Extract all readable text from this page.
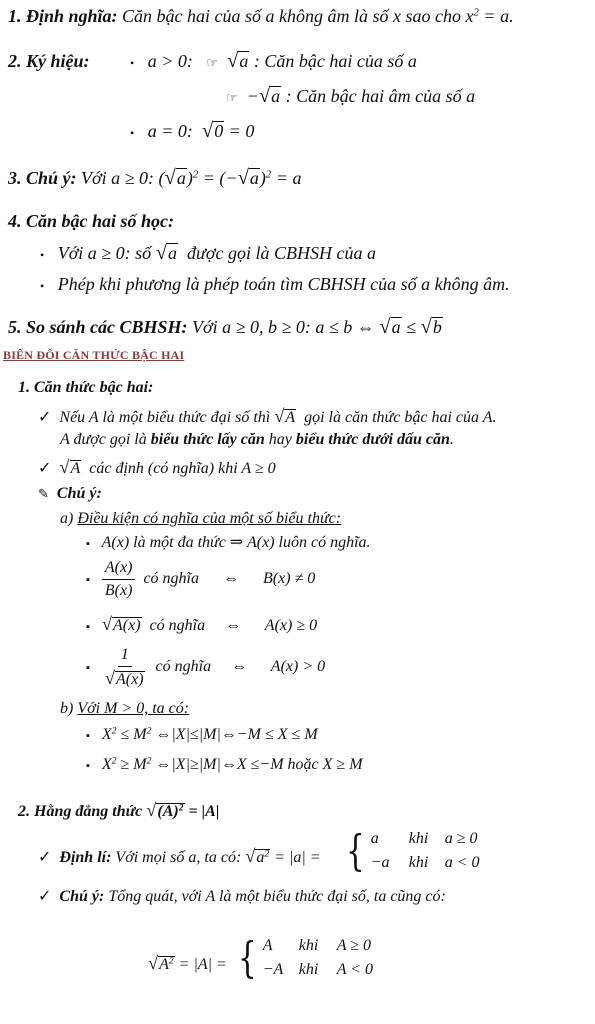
1. Định nghĩa: Căn bậc hai của số a không âm là số x sao cho $x^2 = a$.
2. Ký hiệu:	• a > 0: ☞ √a : Căn bậc hai của số a
☞ −√a : Căn bậc hai âm của số a
• a = 0: √0 = 0
3. Chú ý: Với a ≥ 0: $(√a)^2 = (-√a)^2 = a$
4. Căn bậc hai số học:
• Với a ≥ 0: số √a được gọi là CBHSH của a
• Phép khi phương là phép toán tìm CBHSH của số a không âm.
5. So sánh các CBHSH: Với a ≥ 0, b ≥ 0: a ≤ b ⇔ √a ≤ √b
BIẾN ĐỔI CĂN THỨC BẬC HAI
1. Căn thức bậc hai:
✓ Nếu A là một biểu thức đại số thì √A gọi là căn thức bậc hai của A.
A được gọi là biểu thức lấy căn hay biểu thức dưới dấu căn.
✓ √A các định (có nghĩa) khi A ≥ 0
✎ Chú ý:
a) Điều kiện có nghĩa của một số biểu thức:
▪ A(x) là một đa thức ⇒ A(x) luôn có nghĩa.
▪ $\frac{A(x)}{B(x)}$ có nghĩa ⇔ B(x) ≠ 0
▪ √A(x) có nghĩa ⇔ A(x) ≥ 0
▪ $\frac{1}{√A(x)}$ có nghĩa ⇔ A(x) > 0
b) Với M > 0, ta có:
▪ $X^2 \le M^2$ ⇔|X|≤|M|⇔−M ≤ X ≤ M
▪ $X^2 \ge M^2$ ⇔|X|≥|M|⇔X ≤−M hoặc X ≥ M
2. Hằng đẳng thức $√(A)^2 = |A|$
✓ Định lí: Với mọi số a, ta có: $√a^2 = |a|$ = { a	khi	a ≥ 0
−a	khi	a < 0
✓ Chú ý: Tổng quát, với A là một biểu thức đại số, ta cũng có:
$√A^2 = |A|$ = { A	khi	A ≥ 0
−A khi	A < 0
